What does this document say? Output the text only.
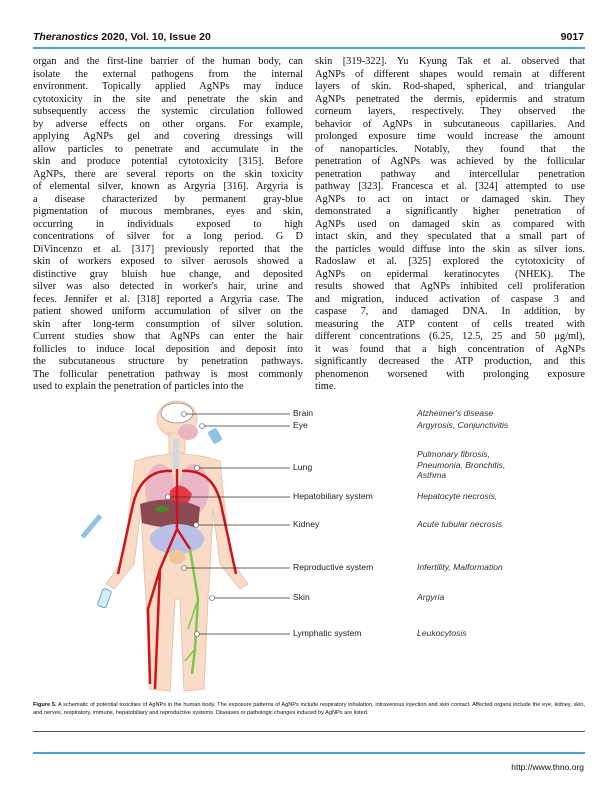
Theranostics 2020, Vol. 10, Issue 20	9017
organ and the first-line barrier of the human body, can
isolate the external pathogens from the internal
environment. Topically applied AgNPs may induce
cytotoxicity in the site and penetrate the skin and
subsequently access the systemic circulation followed
by adverse effects on other organs. For example,
applying AgNPs gel and covering dressings will
allow particles to penetrate and accumulate in the
skin and produce potential cytotoxicity [315]. Before
AgNPs, there are several reports on the skin toxicity
of elemental silver, known as Argyria [316]. Argyria is
a disease characterized by permanent gray-blue
pigmentation of mucous membranes, eyes and skin,
occurring in individuals exposed to high
concentrations of silver for a long period. G D
DiVincenzo et al. [317] previously reported that the
skin of workers exposed to silver aerosols showed a
distinctive gray bluish hue change, and deposited
silver was also detected in worker's hair, urine and
feces. Jennifer et al. [318] reported a Argyria case. The
patient showed uniform accumulation of silver on the
skin after long-term consumption of silver solution.
Current studies show that AgNPs can enter the hair
follicles to induce local deposition and deposit into
the subcutaneous structure by penetration pathways.
The follicular penetration pathway is most commonly
used to explain the penetration of particles into the
skin [319-322]. Yu Kyung Tak et al. observed that
AgNPs of different shapes would remain at different
layers of skin. Rod-shaped, spherical, and triangular
AgNPs penetrated the dermis, epidermis and stratum
corneum layers, respectively. They observed the
behavior of AgNPs in subcutaneous capillaries. And
prolonged exposure time would increase the amount
of nanoparticles. Notably, they found that the
penetration of AgNPs was achieved by the follicular
penetration pathway and intercellular penetration
pathway [323]. Francesca et al. [324] attempted to use
AgNPs to act on intact or damaged skin. They
demonstrated a significantly higher penetration of
AgNPs used on damaged skin as compared with
intact skin, and they speculated that a small part of
the particles would diffuse into the skin as silver ions.
Radoslaw et al. [325] explored the cytotoxicity of
AgNPs on epidermal keratinocytes (NHEK). The
results showed that AgNPs inhibited cell proliferation
and migration, induced activation of caspase 3 and
caspase 7, and damaged DNA. In addition, by
measuring the ATP content of cells treated with
different concentrations (6.25, 12.5, 25 and 50 μg/ml),
it was found that a high concentration of AgNPs
significantly decreased the ATP production, and this
phenomenon worsened with prolonging exposure
time.
Brain	Alzheimer's disease
Eye	Argyrosis, Conjunctivitis
Lung
Pulmonary fibrosis,
Pneumonia, Bronchitis,
Asthma
Hepatobiliary system	Hepatocyte necrosis,
Kidney	Acute tubular necrosis
Reproductive system	Infertility, Malformation
Skin	Argyria
Lymphatic system	Leukocytosis
Figure 5. A schematic of potential toxicities of AgNPs in the human body. The exposure patterns of AgNPs include respiratory inhalation, intravenous injection and skin contact. Affected organs include the eye, kidney, skin, and nerves, respiratory, immune, hepatobiliary and reproductive systems. Diseases or pathologic changes induced by AgNPs are listed.
http://www.thno.org
